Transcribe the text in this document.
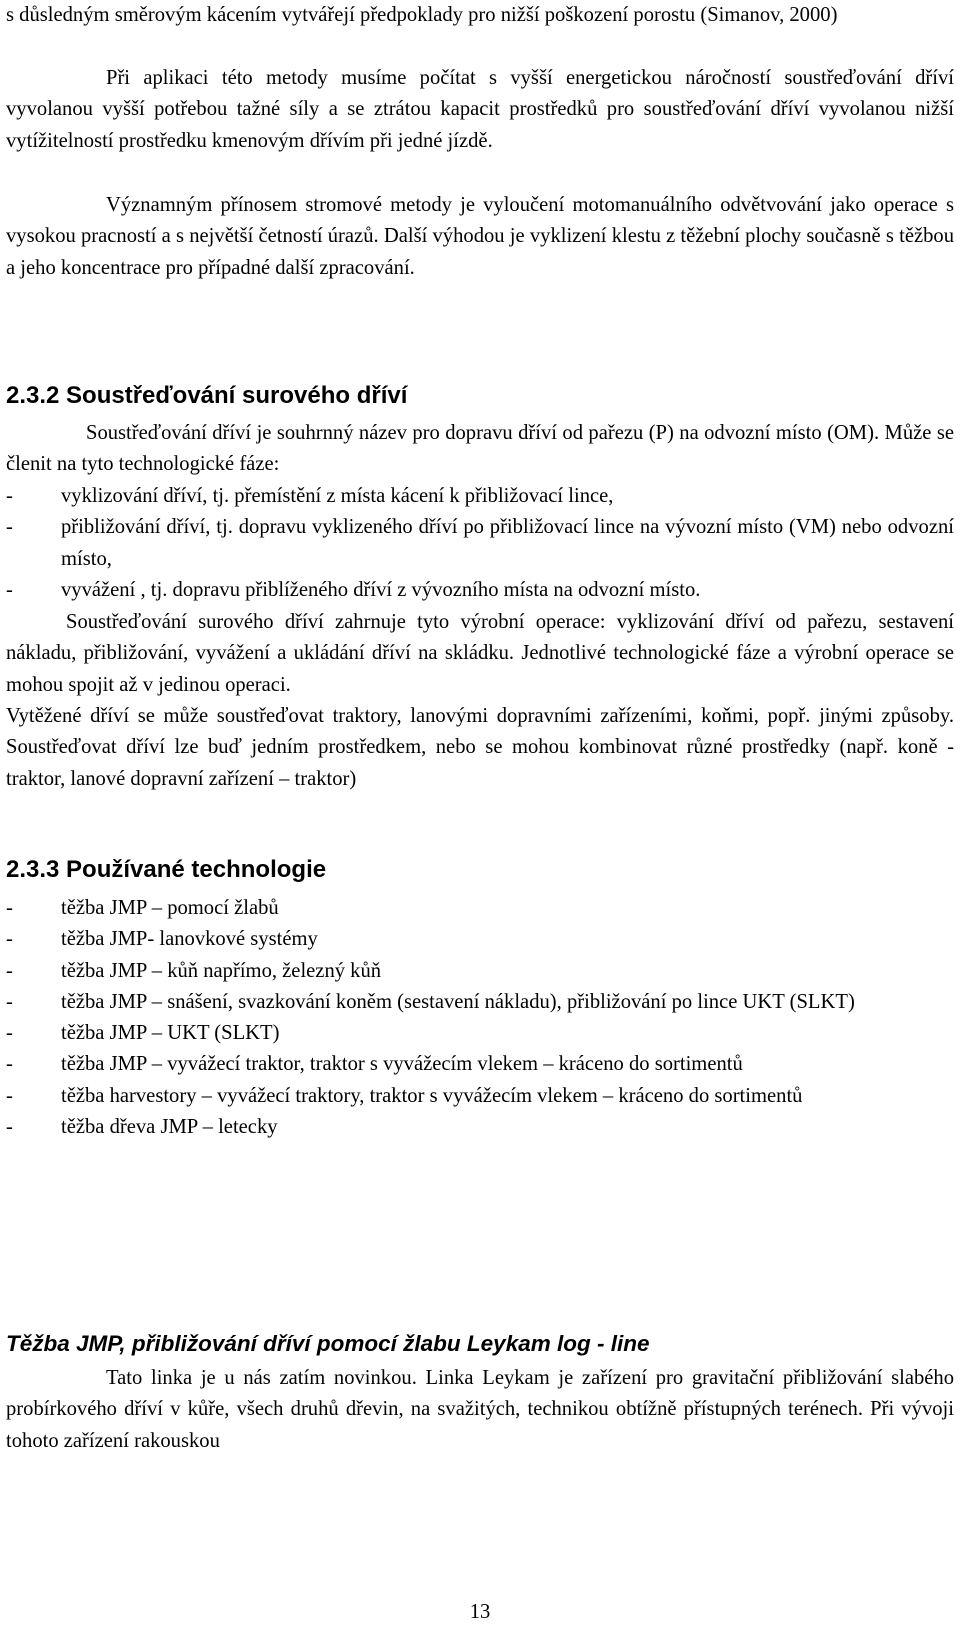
s důsledným směrovým kácením vytvářejí předpoklady pro nižší poškození porostu (Simanov, 2000)

Při aplikaci této metody musíme počítat s vyšší energetickou náročností soustřeďování dříví vyvolanou vyšší potřebou tažné síly a se ztrátou kapacit prostředků pro soustřeďování dříví vyvolanou nižší vytížitelností prostředku kmenovým dřívím při jedné jízdě.

Významným přínosem stromové metody je vyloučení motomanuálního odvětvování jako operace s vysokou pracností a s největší četností úrazů. Další výhodou je vyklizení klestu z těžební plochy současně s těžbou a jeho koncentrace pro případné další zpracování.

2.3.2 Soustřeďování surového dříví

Soustřeďování dříví je souhrnný název pro dopravu dříví od pařezu (P) na odvozní místo (OM). Může se členit na tyto technologické fáze:

- vyklizování dříví, tj. přemístění z místa kácení k přibližovací lince,
- přibližování dříví, tj. dopravu vyklizeného dříví po přibližovací lince na vývozní místo (VM) nebo odvozní místo,
- vyvážení , tj. dopravu přiblíženého dříví z vývozního místa na odvozní místo.

Soustřeďování surového dříví zahrnuje tyto výrobní operace: vyklizování dříví od pařezu, sestavení nákladu, přibližování, vyvážení a ukládání dříví na skládku. Jednotlivé technologické fáze a výrobní operace se mohou spojit až v jedinou operaci.

Vytěžené dříví se může soustřeďovat traktory, lanovými dopravními zařízeními, koňmi, popř. jinými způsoby. Soustřeďovat dříví lze buď jedním prostředkem, nebo se mohou kombinovat různé prostředky (např. koně - traktor, lanové dopravní zařízení – traktor)

2.3.3 Používané technologie
- těžba JMP – pomocí žlabů
- těžba JMP- lanovkové systémy
- těžba JMP – kůň napřímo, železný kůň
- těžba JMP – snášení, svazkování koněm (sestavení nákladu), přibližování po lince UKT (SLKT)
- těžba JMP – UKT (SLKT)
- těžba JMP – vyvážecí traktor, traktor s vyvážecím vlekem – kráceno do sortimentů
- těžba harvestory – vyvážecí traktory, traktor s vyvážecím vlekem – kráceno do sortimentů
- těžba dřeva JMP – letecky
Těžba JMP, přibližování dříví pomocí žlabu Leykam log - line

Tato linka je u nás zatím novinkou. Linka Leykam je zařízení pro gravitační přibližování slabého probírkového dříví v kůře, všech druhů dřevin, na svažitých, technikou obtížně přístupných terénech. Při vývoji tohoto zařízení rakouskou

13
